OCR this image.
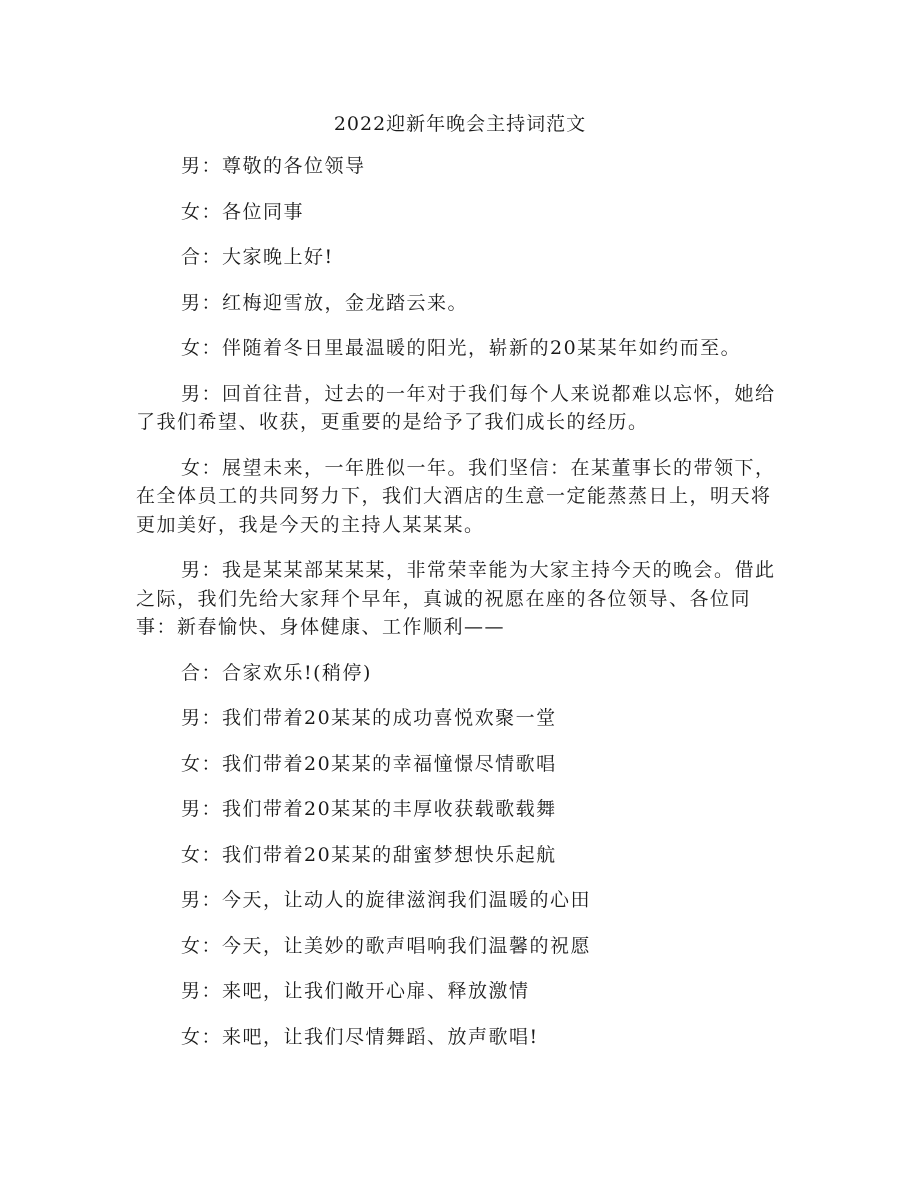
2022迎新年晚会主持词范文

男：尊敬的各位领导

女：各位同事

合：大家晚上好!

男：红梅迎雪放，金龙踏云来。

女：伴随着冬日里最温暖的阳光，崭新的20某某年如约而至。

男：回首往昔，过去的一年对于我们每个人来说都难以忘怀，她给了我们希望、收获，更重要的是给予了我们成长的经历。

女：展望未来，一年胜似一年。我们坚信：在某董事长的带领下，在全体员工的共同努力下，我们大酒店的生意一定能蒸蒸日上，明天将更加美好，我是今天的主持人某某某。

男：我是某某部某某某，非常荣幸能为大家主持今天的晚会。借此之际，我们先给大家拜个早年，真诚的祝愿在座的各位领导、各位同事：新春愉快、身体健康、工作顺利——

合：合家欢乐!(稍停)

男：我们带着20某某的成功喜悦欢聚一堂

女：我们带着20某某的幸福憧憬尽情歌唱

男：我们带着20某某的丰厚收获载歌载舞

女：我们带着20某某的甜蜜梦想快乐起航

男：今天，让动人的旋律滋润我们温暖的心田

女：今天，让美妙的歌声唱响我们温馨的祝愿

男：来吧，让我们敞开心扉、释放激情

女：来吧，让我们尽情舞蹈、放声歌唱!
